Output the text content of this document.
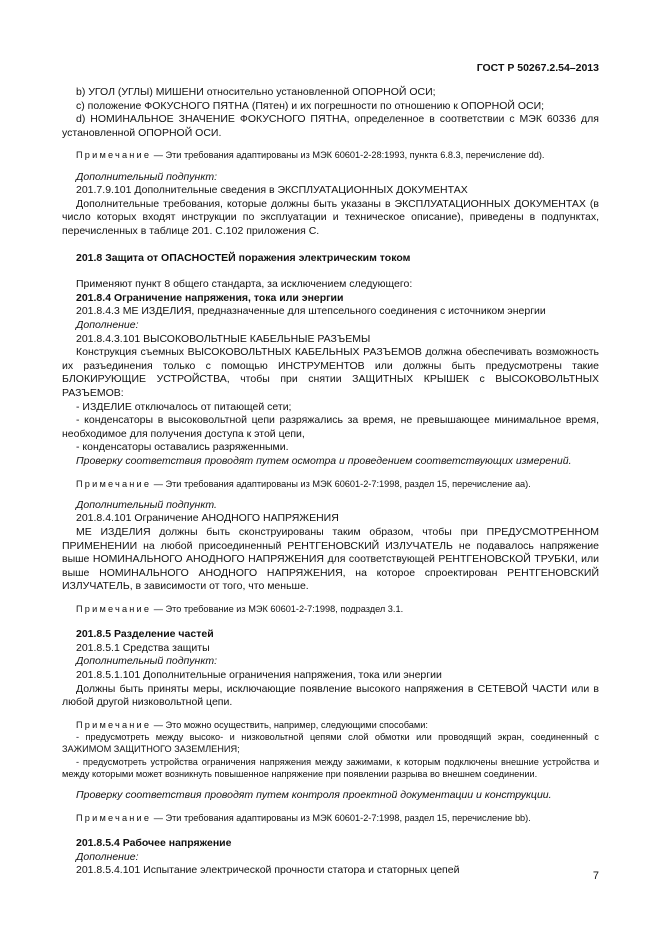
ГОСТ Р 50267.2.54–2013

b) УГОЛ (УГЛЫ) МИШЕНИ относительно установленной ОПОРНОЙ ОСИ;

c) положение ФОКУСНОГО ПЯТНА (Пятен) и их погрешности по отношению к ОПОРНОЙ ОСИ;

d) НОМИНАЛЬНОЕ ЗНАЧЕНИЕ ФОКУСНОГО ПЯТНА, определенное в соответствии с МЭК 60336 для установленной ОПОРНОЙ ОСИ.

Примечание — Эти требования адаптированы из МЭК 60601-2-28:1993, пункта 6.8.3, перечисление dd).

Дополнительный подпункт:

201.7.9.101 Дополнительные сведения в ЭКСПЛУАТАЦИОННЫХ ДОКУМЕНТАХ

Дополнительные требования, которые должны быть указаны в ЭКСПЛУАТАЦИОННЫХ ДОКУМЕНТАХ (в число которых входят инструкции по эксплуатации и техническое описание), приведены в подпунктах, перечисленных в таблице 201. С.102 приложения С.

201.8 Защита от ОПАСНОСТЕЙ поражения электрическим током

Применяют пункт 8 общего стандарта, за исключением следующего:

201.8.4 Ограничение напряжения, тока или энергии

201.8.4.3 МЕ ИЗДЕЛИЯ, предназначенные для штепсельного соединения с источником энергии

Дополнение:

201.8.4.3.101 ВЫСОКОВОЛЬТНЫЕ КАБЕЛЬНЫЕ РАЗЪЕМЫ

Конструкция съемных ВЫСОКОВОЛЬТНЫХ КАБЕЛЬНЫХ РАЗЪЕМОВ должна обеспечивать возможность их разъединения только с помощью ИНСТРУМЕНТОВ или должны быть предусмотрены такие БЛОКИРУЮЩИЕ УСТРОЙСТВА, чтобы при снятии ЗАЩИТНЫХ КРЫШЕК с ВЫСОКОВОЛЬТНЫХ РАЗЪЕМОВ:

- ИЗДЕЛИЕ отключалось от питающей сети;

- конденсаторы в высоковольтной цепи разряжались за время, не превышающее минимальное время, необходимое для получения доступа к этой цепи,

- конденсаторы оставались разряженными.

Проверку соответствия проводят путем осмотра и проведением соответствующих измерений.

Примечание — Эти требования адаптированы из МЭК 60601-2-7:1998, раздел 15, перечисление аа).

Дополнительный подпункт.

201.8.4.101 Ограничение АНОДНОГО НАПРЯЖЕНИЯ

МЕ ИЗДЕЛИЯ должны быть сконструированы таким образом, чтобы при ПРЕДУСМОТРЕННОМ ПРИМЕНЕНИИ на любой присоединенный РЕНТГЕНОВСКИЙ ИЗЛУЧАТЕЛЬ не подавалось напряжение выше НОМИНАЛЬНОГО АНОДНОГО НАПРЯЖЕНИЯ для соответствующей РЕНТГЕНОВСКОЙ ТРУБКИ, или выше НОМИНАЛЬНОГО АНОДНОГО НАПРЯЖЕНИЯ, на которое спроектирован РЕНТГЕНОВСКИЙ ИЗЛУЧАТЕЛЬ, в зависимости от того, что меньше.

Примечание — Это требование из МЭК 60601-2-7:1998, подраздел 3.1.

201.8.5 Разделение частей

201.8.5.1 Средства защиты

Дополнительный подпункт:

201.8.5.1.101 Дополнительные ограничения напряжения, тока или энергии

Должны быть приняты меры, исключающие появление высокого напряжения в СЕТЕВОЙ ЧАСТИ или в любой другой низковольтной цепи.

Примечание — Это можно осуществить, например, следующими способами:

- предусмотреть между высоко- и низковольтной цепями слой обмотки или проводящий экран, соединенный с ЗАЖИМОМ ЗАЩИТНОГО ЗАЗЕМЛЕНИЯ;

- предусмотреть устройства ограничения напряжения между зажимами, к которым подключены внешние устройства и между которыми может возникнуть повышенное напряжение при появлении разрыва во внешнем соединении.

Проверку соответствия проводят путем контроля проектной документации и конструкции.

Примечание — Эти требования адаптированы из МЭК 60601-2-7:1998, раздел 15, перечисление bb).

201.8.5.4 Рабочее напряжение

Дополнение:

201.8.5.4.101 Испытание электрической прочности статора и статорных цепей	7
